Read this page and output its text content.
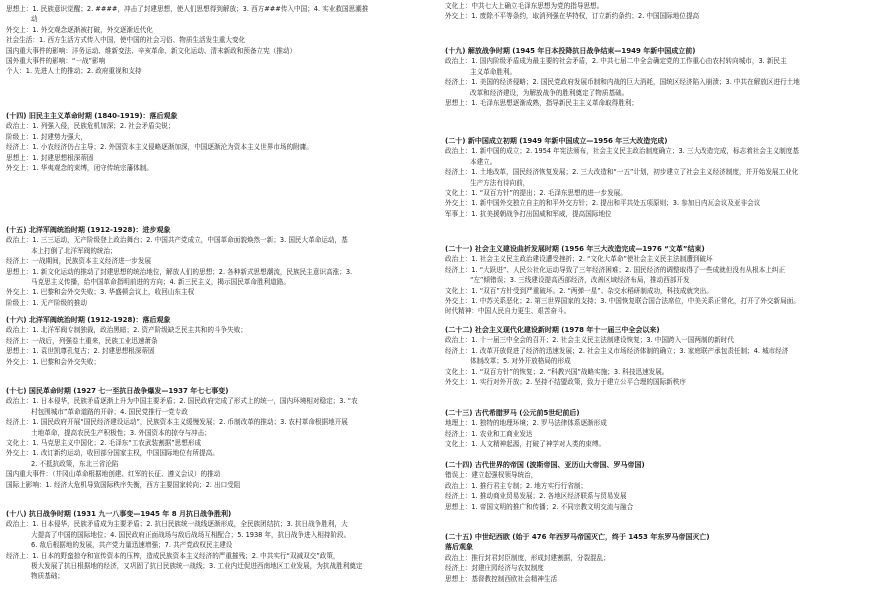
思想上：1. 民族意识觉醒；2. ####，冲击了封建思想，使人们思想得到解放；3. 西方###传入中国；4. 实业救国思潮推
动
外交上：1. 外交观念逐渐被打破，外交逐渐近代化
社会生活：1. 西方生活方式传入中国，使中国的社会习俗、物质生活发生重大变化
国内重大事件的影响：洋务运动、维新变法、辛亥革命、新文化运动、清末新政和预备立宪（推动）
国外重大事件的影响：“一战”影响
个人：1. 先进人士的推动；2. 政府重视和支持
(十四) 旧民主主义革命时期 (1840-1919)：落后观象
政治上：1. 列强入侵，民族危机加深；2. 社会矛盾尖锐；
阶级上：1. 封建势力强大，
经济上：1. 小农经济仍占主导；2. 外国资本主义侵略逐渐加深，中国逐渐沦为资本主义世界市场的附庸。
思想上：1. 封建思想根深蒂固
外交上：1. 华夷观念的束缚，闭守传统宗藩体制。
(十五) 北洋军阀统治时期 (1912-1928)：进步观象
政治上：1. 三三运动，无产阶级登上政治舞台；2. 中国共产党成立，中国革命面貌焕然一新；3. 国民大革命运动，基
本上打倒了北洋军阀的统治；
经济上：一战期间，民族资本主义经济进一步发展
思想上：1. 新文化运动的推动了封建思想的统治地位，解放人们的思想；2. 各种新式思想潮流，民族民主意识高涨；3.
马克思主义传播，给中国革命指明前进的方向；4. 新三民主义，揭示国民革命胜利道路。
外交上：1. 巴黎和会外交失败；3. 华盛顿会议上，收回山东主权
阶级上：1. 无产阶级的推动
(十六) 北洋军阀统治时期 (1912-1928)：落后观象
政治上：1. 北洋军阀专制独裁，政治黑暗；2. 资产阶级缺乏民主共和的斗争失败；
经济上：一战后，列强卷土重来，民族工业迅速萧条
思想上：1. 袁世凯尊孔复古；2. 封建思想根深蒂固
外交上：1. 巴黎和会外交失败；
(十七) 国民革命时期 (1927 七一至抗日战争爆发—1937 年七七事变)
政治上：1. 日本侵华，民族矛盾逐渐上升为中国主要矛盾；2. 国民政府完成了形式上的统一，国内环境相对稳定；3. “农
村包围城市”革命道路的开辟；4. 国民党推行一党专政
经济上：1. 国民政府开展“国民经济建设运动”，民族资本主义缓慢发展；2. 币制改革的推动；3. 农村革命根据地开展
土地革命，提高农民生产积极性；3. 外国资本的掠夺与冲击；
文化上：1. 马克思主义中国化；2. 毛泽东“工农武装割据”思想形成
外交上：1. 改订新约运动，收回部分国家主权，中国国际地位有所提高。
2. 不抵抗政策，东北三省沦陷
国内重大事件：（井冈山革命根据地创建、红军的长征、遵义会议）的推动
国际上影响：1. 经济大危机导致国际秩序失衡，西方主要国家转向；2. 出口受阻
(十八) 抗日战争时期 (1931 九一八事变—1945 年 8 月抗日战争胜利)
政治上：1. 日本侵华，民族矛盾成为主要矛盾；2. 抗日民族统一战线逐渐形成，全民族团结抗；3. 抗日战争胜利，大
大提高了中国的国际地位；4. 国民政府正面战场与敌后战场互相配合；5. 1938 年，抗日战争进入相持阶段。
6. 敌后根据地的发展，共产党力量迅速增强；7. 共产党政权民主建设
经济上：1. 日本的野蛮掠夺和宣传资本的压榨，造成民族资本主义经济的严重摧残；2. 中共实行“双减双交”政策，
极大发展了抗日根据地的经济，又巩固了抗日民族统一战线；3. 工业内迁促进西南地区工业发展，为抗战胜利奠定
物质基础；
文化上：中共七大上确立毛泽东思想为党的指导思想。
外交上：1. 废除不平等条约，取消列强在华特权，订立新约条约；2. 中国国际地位提高
(十九) 解放战争时期 (1945 年日本投降抗日战争结束—1949 年新中国成立前)
政治上：1. 国内阶级矛盾成为最主要的社会矛盾，2. 中共七届二中全会确定党的工作重心由农村转向城市，3. 新民主
主义革命胜利。
经济上：1. 美国的经济侵略；2. 国民党政府发展币制和内战的巨大消耗，国统区经济陷入崩溃；3. 中共在解放区进行土地
改革和经济建设，为解放战争的胜利奠定了物质基础。
思想上：1. 毛泽东思想逐渐成熟，指导新民主主义革命取得胜利；
(二十) 新中国成立初期 (1949 年新中国成立—1956 年三大改造完成)
政治上：1. 新中国的成立；2. 1954 年宪法颁布，社会主义民主政治制度确立；3. 三大改造完成，标志着社会主义制度基
本建立。
经济上：1. 土地改革，国民经济恢复发展；2. 三大改造和“一五”计划，初步建立了社会主义经济制度，并开始发展工业化
生产方法有待向前，
文化上：1. “双百方针”的提出；2. 毛泽东思想的进一步发展。
外交上：1. 新中国外交独立自主的和平外交方针；2. 提出和平共处五项原则；3. 参加日内瓦会议及亚非会议
军事上：1. 抗美援朝战争打出国威和军威，提高国际地位
(二十一) 社会主义建设曲折发展时期 (1956 年三大改造完成—1976 “文革”结束)
政治上：1. 社会主义民主政治建设遭受挫折；2. “文化大革命”使社会主义民主法制遭到破坏
经济上：1. “大跃进”、人民公社化运动导致了三年经济困难；2. 国民经济的调整取得了一些成就但没有从根本上纠正
“左”倾错误；3. 三线建设提高西部经济，改善区域经济布局，推动西部开发
文化上：1. “双百”方针受到严重破坏。2. “两弹一星”、杂交水稻研制成功，科技成就突出。
外交上：1. 中苏关系恶化；2. 第三世界国家的支持；3. 中国恢复联合国合法席位，中美关系正常化，打开了外交新局面。
时代精神：中国人民自力更生、艰苦奋斗。
(二十二) 社会主义现代化建设新时期 (1978 年十一届三中全会以来)
政治上：1. 十一届三中全会的召开；2. 社会主义民主法制建设恢复；3. 中国跨入一国两制的新时代
经济上：1. 改革开放促进了经济的迅速发展；2. 社会主义市场经济体制的确立；3. 家庭联产承包责任制；4. 城市经济
体制改革；5. 对外开放格局的形成
文化上：1. “双百方针”的恢复；2. “科教兴国”战略实施；3. 科技迅速发展。
外交上：1. 实行对外开放；2. 坚持不结盟政策，致力于建立公平合理的国际新秩序
(二十三) 古代希腊罗马 (公元前5世纪前后)
地理上：1. 独特的地理环境；2. 罗马法律体系逐渐形成
经济上：1. 农业和工商业发达
文化上：1. 人文精神起源，打破了神学对人类的束缚。
(二十四) 古代世界的帝国 (波斯帝国、亚历山大帝国、罗马帝国)
错误上：建立起强权领导统治，
政治上：1. 推行君主专制；2. 地方实行行省制；
经济上：1. 推动商业贸易发展；2. 各地区经济联系与贸易发展
思想上：1. 帝国文明的推广和传播；2. 不同宗教文明交流与融合
(二十五) 中世纪西欧 (始于 476 年西罗马帝国灭亡，终于 1453 年东罗马帝国灭亡)
落后观象
政治上：推行封君封臣制度，形成封建割据，分裂混乱；
经济上：封建庄园经济与农奴制度
思想上：基督教控制西欧社会精神生活
